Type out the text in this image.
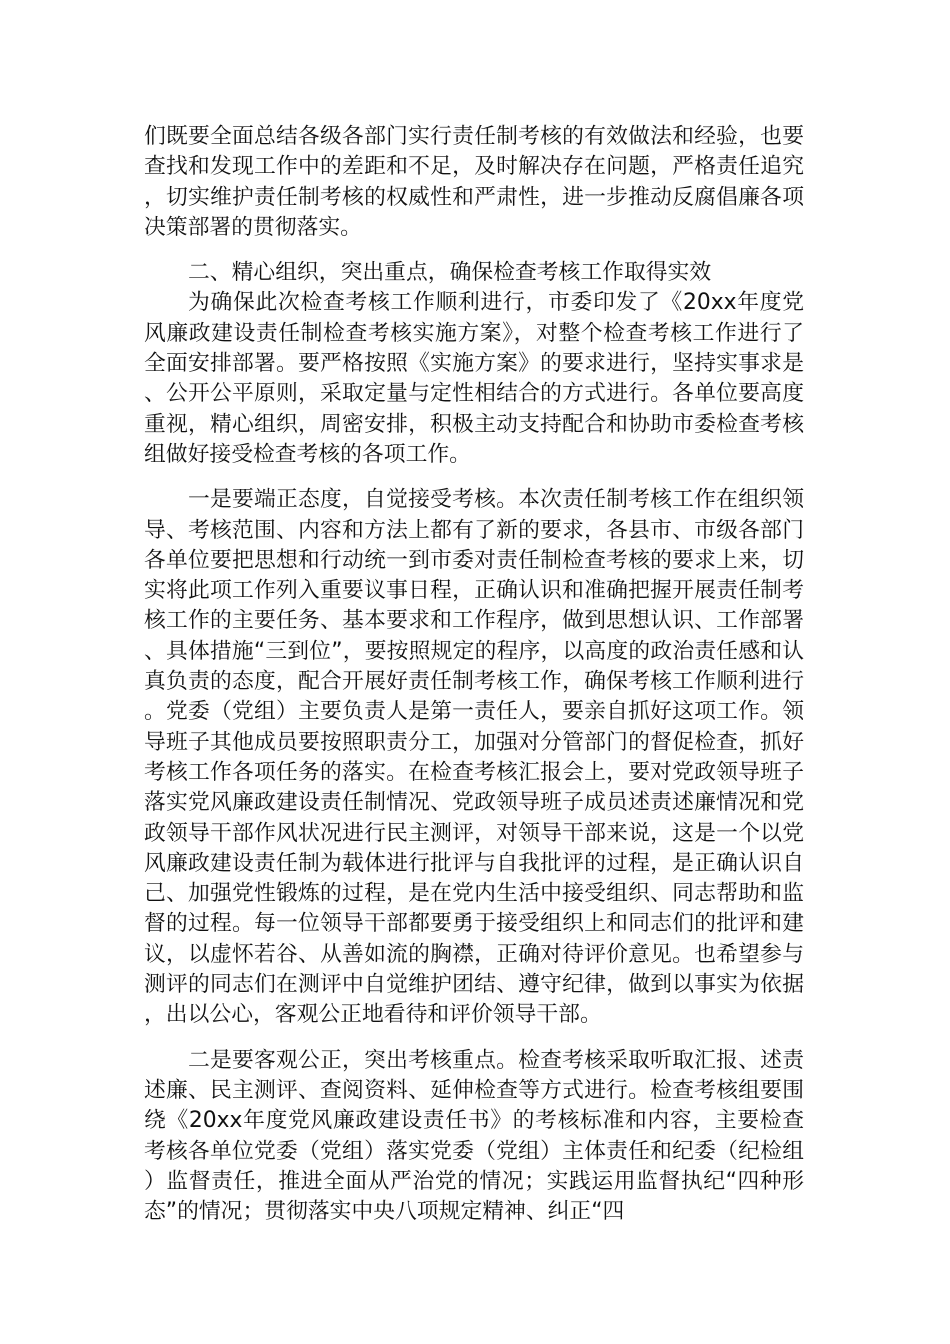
们既要全面总结各级各部门实行责任制考核的有效做法和经验，也要查找和发现工作中的差距和不足，及时解决存在问题，严格责任追究，切实维护责任制考核的权威性和严肃性，进一步推动反腐倡廉各项决策部署的贯彻落实。

二、精心组织，突出重点，确保检查考核工作取得实效

为确保此次检查考核工作顺利进行，市委印发了《20xx年度党风廉政建设责任制检查考核实施方案》，对整个检查考核工作进行了全面安排部署。要严格按照《实施方案》的要求进行，坚持实事求是、公开公平原则，采取定量与定性相结合的方式进行。各单位要高度重视，精心组织，周密安排，积极主动支持配合和协助市委检查考核组做好接受检查考核的各项工作。

一是要端正态度，自觉接受考核。本次责任制考核工作在组织领导、考核范围、内容和方法上都有了新的要求，各县市、市级各部门各单位要把思想和行动统一到市委对责任制检查考核的要求上来，切实将此项工作列入重要议事日程，正确认识和准确把握开展责任制考核工作的主要任务、基本要求和工作程序，做到思想认识、工作部署、具体措施“三到位”，要按照规定的程序，以高度的政治责任感和认真负责的态度，配合开展好责任制考核工作，确保考核工作顺利进行。党委（党组）主要负责人是第一责任人，要亲自抓好这项工作。领导班子其他成员要按照职责分工，加强对分管部门的督促检查，抓好考核工作各项任务的落实。在检查考核汇报会上，要对党政领导班子落实党风廉政建设责任制情况、党政领导班子成员述责述廉情况和党政领导干部作风状况进行民主测评，对领导干部来说，这是一个以党风廉政建设责任制为载体进行批评与自我批评的过程，是正确认识自己、加强党性锻炼的过程，是在党内生活中接受组织、同志帮助和监督的过程。每一位领导干部都要勇于接受组织上和同志们的批评和建议，以虚怀若谷、从善如流的胸襟，正确对待评价意见。也希望参与测评的同志们在测评中自觉维护团结、遵守纪律，做到以事实为依据，出以公心，客观公正地看待和评价领导干部。

二是要客观公正，突出考核重点。检查考核采取听取汇报、述责述廉、民主测评、查阅资料、延伸检查等方式进行。检查考核组要围绕《20xx年度党风廉政建设责任书》的考核标准和内容，主要检查考核各单位党委（党组）落实党委（党组）主体责任和纪委（纪检组）监督责任，推进全面从严治党的情况；实践运用监督执纪“四种形态”的情况；贯彻落实中央八项规定精神、纠正“四
